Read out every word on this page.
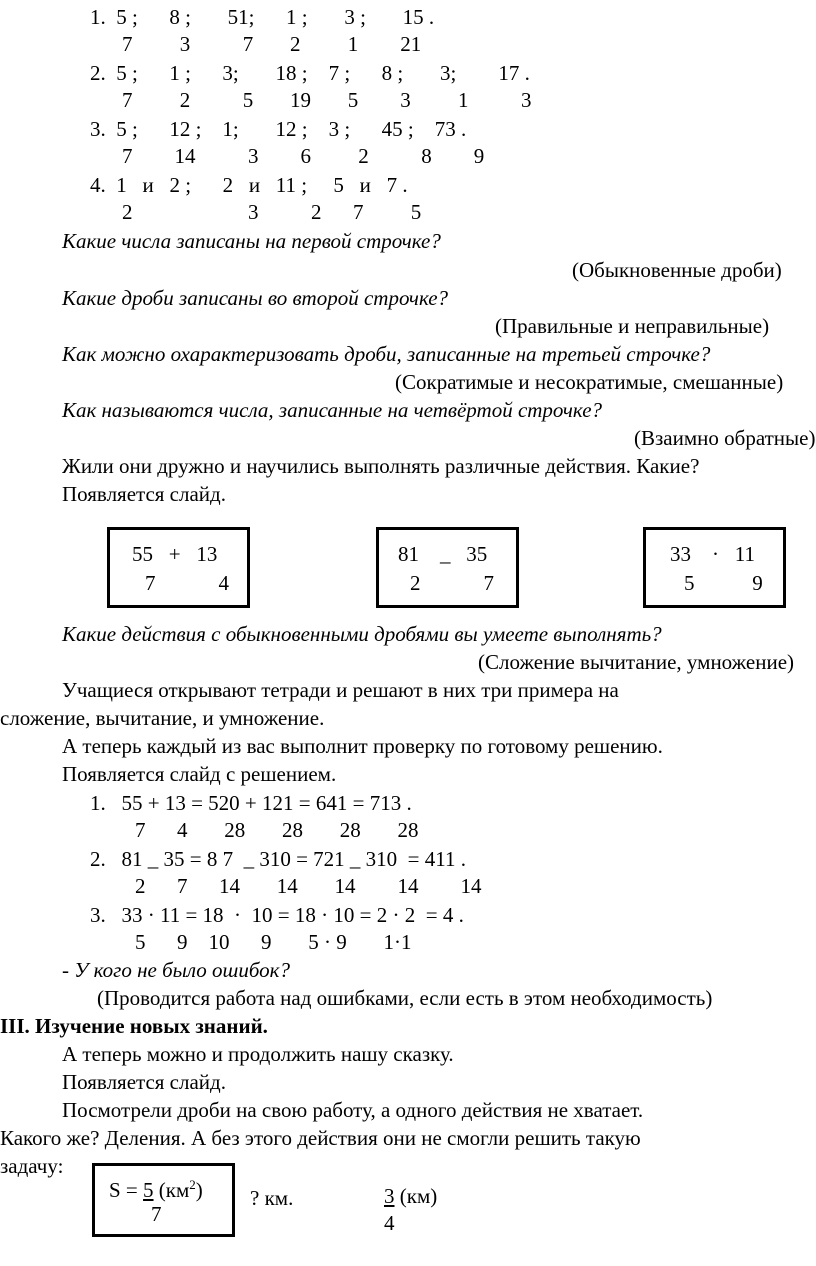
1.  5 ;      8 ;       51;      1 ;       3 ;       15 .
7         3          7       2         1        21
2.  5 ;      1 ;      3;       18 ;    7 ;      8 ;       3;        17 .
7         2          5       19       5        3         1          3
3.  5 ;      12 ;    1;       12 ;    3 ;      45 ;    73 .
7        14          3        6         2          8        9
4.  1   и   2 ;      2   и   11 ;     5   и   7 .
2                      3          2      7         5
Какие числа записаны на первой строчке?
(Обыкновенные дроби)
Какие дроби записаны во второй строчке?
(Правильные и неправильные)
Как можно охарактеризовать дроби, записанные на третьей строчке?
(Сократимые и несократимые, смешанные)
Как называются числа, записанные на четвёртой строчке?
(Взаимно обратные)
Жили они дружно и научились выполнять различные действия. Какие?
Появляется слайд.
55   +   13
7            4
81    _   35
2            7
33    ·   11
5           9
Какие действия с обыкновенными дробями вы умеете выполнять?
(Сложение вычитание, умножение)
Учащиеся открывают тетради и решают в них три примера на
сложение, вычитание, и умножение.
А теперь каждый из вас выполнит проверку по готовому решению.
Появляется слайд с решением.
1.   55 + 13 = 520 + 121 = 641 = 713 .
7      4       28       28       28       28
2.   81 _ 35 = 8 7  _ 310 = 721 _ 310  = 411 .
2      7      14       14       14        14        14
3.   33 · 11 = 18  ·  10 = 18 · 10 = 2 · 2  = 4 .
5      9    10      9       5 · 9       1·1
- У кого не было ошибок?
(Проводится работа над ошибками, если есть в этом необходимость)
III. Изучение новых знаний.
А теперь можно и продолжить нашу сказку.
Появляется слайд.
Посмотрели дроби на свою работу, а одного действия не хватает.
Какого же? Деления. А без этого действия они не смогли решить такую
задачу:
S = 5 $(км^2)$
7
? км.	3 (км)
4
